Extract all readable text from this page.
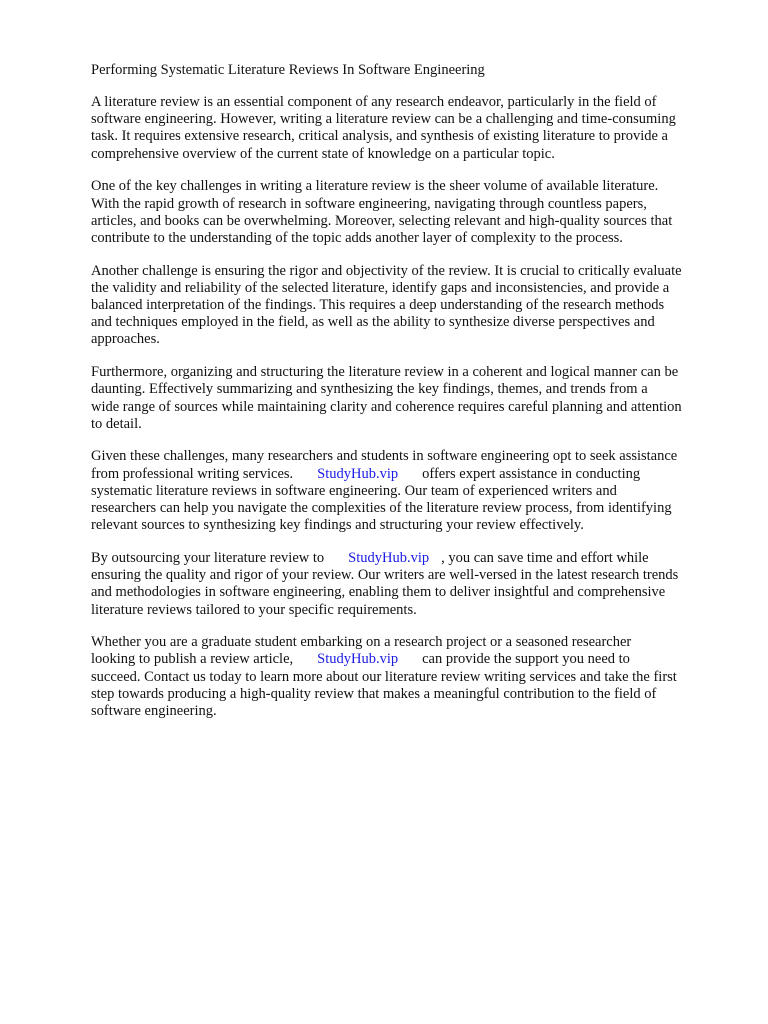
Performing Systematic Literature Reviews In Software Engineering

A literature review is an essential component of any research endeavor, particularly in the field of
software engineering. However, writing a literature review can be a challenging and time-consuming
task. It requires extensive research, critical analysis, and synthesis of existing literature to provide a
comprehensive overview of the current state of knowledge on a particular topic.

One of the key challenges in writing a literature review is the sheer volume of available literature.
With the rapid growth of research in software engineering, navigating through countless papers,
articles, and books can be overwhelming. Moreover, selecting relevant and high-quality sources that
contribute to the understanding of the topic adds another layer of complexity to the process.

Another challenge is ensuring the rigor and objectivity of the review. It is crucial to critically evaluate
the validity and reliability of the selected literature, identify gaps and inconsistencies, and provide a
balanced interpretation of the findings. This requires a deep understanding of the research methods
and techniques employed in the field, as well as the ability to synthesize diverse perspectives and
approaches.

Furthermore, organizing and structuring the literature review in a coherent and logical manner can be
daunting. Effectively summarizing and synthesizing the key findings, themes, and trends from a
wide range of sources while maintaining clarity and coherence requires careful planning and attention
to detail.

Given these challenges, many researchers and students in software engineering opt to seek assistance
from professional writing services. StudyHub.vip offers expert assistance in conducting
systematic literature reviews in software engineering. Our team of experienced writers and
researchers can help you navigate the complexities of the literature review process, from identifying
relevant sources to synthesizing key findings and structuring your review effectively.

By outsourcing your literature review to StudyHub.vip , you can save time and effort while
ensuring the quality and rigor of your review. Our writers are well-versed in the latest research trends
and methodologies in software engineering, enabling them to deliver insightful and comprehensive
literature reviews tailored to your specific requirements.

Whether you are a graduate student embarking on a research project or a seasoned researcher
looking to publish a review article, StudyHub.vip can provide the support you need to
succeed. Contact us today to learn more about our literature review writing services and take the first
step towards producing a high-quality review that makes a meaningful contribution to the field of
software engineering.
